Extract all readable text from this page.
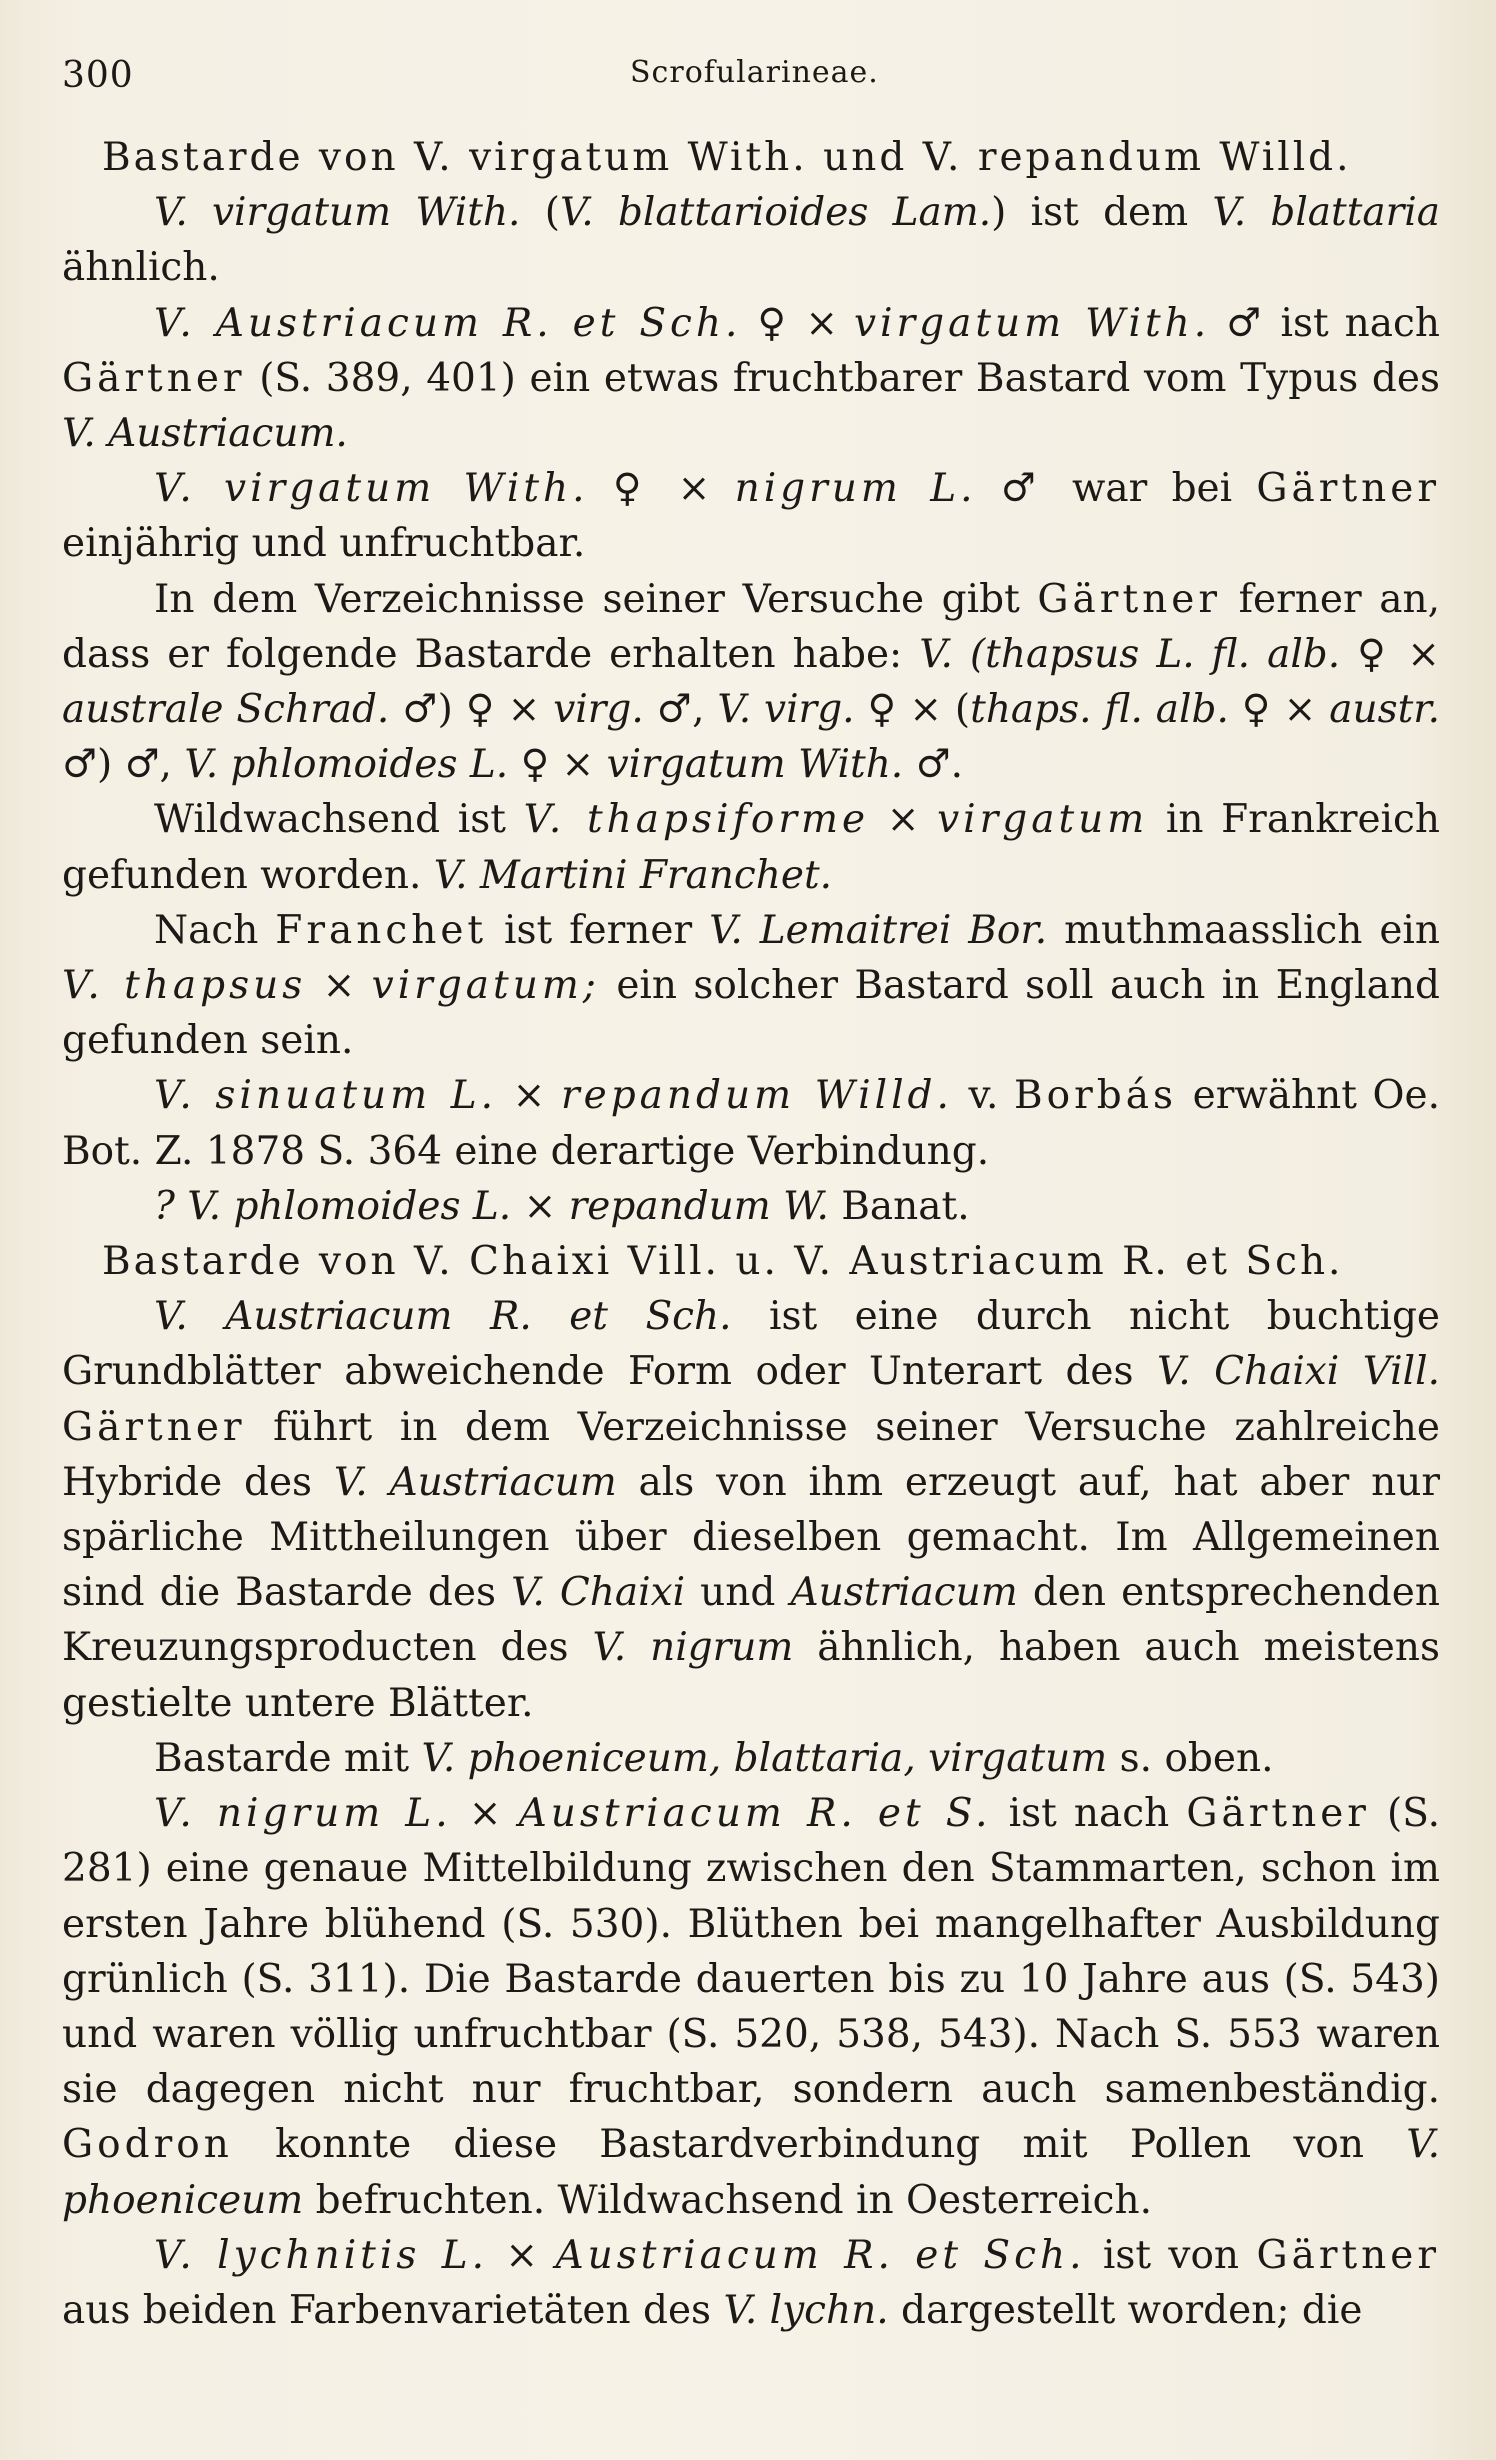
300	Scrofularineae.

Bastarde von V. virgatum With. und V. repandum Willd.

V. virgatum With. (V. blattarioides Lam.) ist dem V. blattaria ähnlich.

V. Austriacum R. et Sch. ♀ × virgatum With. ♂ ist nach Gärtner (S. 389, 401) ein etwas fruchtbarer Bastard vom Typus des V. Austriacum.

V. virgatum With. ♀ × nigrum L. ♂ war bei Gärtner einjährig und unfruchtbar.

In dem Verzeichnisse seiner Versuche gibt Gärtner ferner an, dass er folgende Bastarde erhalten habe: V. (thapsus L. fl. alb. ♀ × australe Schrad. ♂) ♀ × virg. ♂, V. virg. ♀ × (thaps. fl. alb. ♀ × austr. ♂) ♂, V. phlomoides L. ♀ × virgatum With. ♂.

Wildwachsend ist V. thapsiforme × virgatum in Frankreich gefunden worden. V. Martini Franchet.

Nach Franchet ist ferner V. Lemaitrei Bor. muthmaasslich ein V. thapsus × virgatum; ein solcher Bastard soll auch in England gefunden sein.

V. sinuatum L. × repandum Willd. v. Borbás erwähnt Oe. Bot. Z. 1878 S. 364 eine derartige Verbindung.

? V. phlomoides L. × repandum W. Banat.

Bastarde von V. Chaixi Vill. u. V. Austriacum R. et Sch.

V. Austriacum R. et Sch. ist eine durch nicht buchtige Grundblätter abweichende Form oder Unterart des V. Chaixi Vill. Gärtner führt in dem Verzeichnisse seiner Versuche zahlreiche Hybride des V. Austriacum als von ihm erzeugt auf, hat aber nur spärliche Mittheilungen über dieselben gemacht. Im Allgemeinen sind die Bastarde des V. Chaixi und Austriacum den entsprechenden Kreuzungsproducten des V. nigrum ähnlich, haben auch meistens gestielte untere Blätter.

Bastarde mit V. phoeniceum, blattaria, virgatum s. oben.

V. nigrum L. × Austriacum R. et S. ist nach Gärtner (S. 281) eine genaue Mittelbildung zwischen den Stammarten, schon im ersten Jahre blühend (S. 530). Blüthen bei mangelhafter Ausbildung grünlich (S. 311). Die Bastarde dauerten bis zu 10 Jahre aus (S. 543) und waren völlig unfruchtbar (S. 520, 538, 543). Nach S. 553 waren sie dagegen nicht nur fruchtbar, sondern auch samenbeständig. Godron konnte diese Bastardverbindung mit Pollen von V. phoeniceum befruchten. Wildwachsend in Oesterreich.

V. lychnitis L. × Austriacum R. et Sch. ist von Gärtner aus beiden Farbenvarietäten des V. lychn. dargestellt worden; die
